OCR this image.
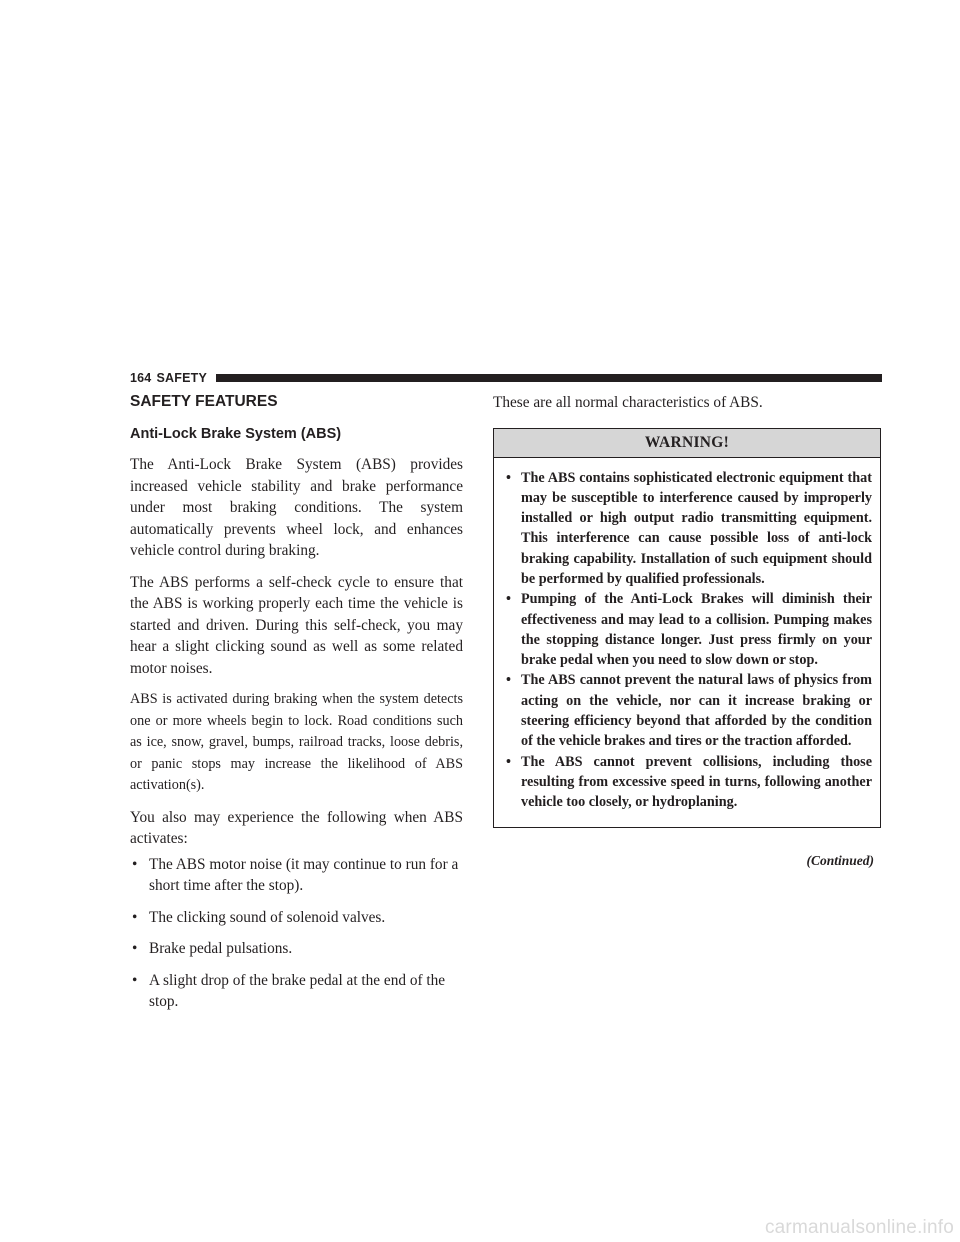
164 SAFETY
SAFETY FEATURES
Anti-Lock Brake System (ABS)

The Anti-Lock Brake System (ABS) provides increased vehicle stability and brake performance under most braking conditions. The system automatically prevents wheel lock, and enhances vehicle control during braking.

The ABS performs a self-check cycle to ensure that the ABS is working properly each time the vehicle is started and driven. During this self-check, you may hear a slight clicking sound as well as some related motor noises.

ABS is activated during braking when the system detects one or more wheels begin to lock. Road conditions such as ice, snow, gravel, bumps, railroad tracks, loose debris, or panic stops may increase the likelihood of ABS activation(s).

You also may experience the following when ABS activates:

• The ABS motor noise (it may continue to run for a short time after the stop).
• The clicking sound of solenoid valves.
• Brake pedal pulsations.
• A slight drop of the brake pedal at the end of the stop.

These are all normal characteristics of ABS.

WARNING!
• The ABS contains sophisticated electronic equipment that may be susceptible to interference caused by improperly installed or high output radio transmitting equipment. This interference can cause possible loss of anti-lock braking capability. Installation of such equipment should be performed by qualified professionals.
• Pumping of the Anti-Lock Brakes will diminish their effectiveness and may lead to a collision. Pumping makes the stopping distance longer. Just press firmly on your brake pedal when you need to slow down or stop.
• The ABS cannot prevent the natural laws of physics from acting on the vehicle, nor can it increase braking or steering efficiency beyond that afforded by the condition of the vehicle brakes and tires or the traction afforded.
• The ABS cannot prevent collisions, including those resulting from excessive speed in turns, following another vehicle too closely, or hydroplaning.
(Continued)
carmanualsonline.info
